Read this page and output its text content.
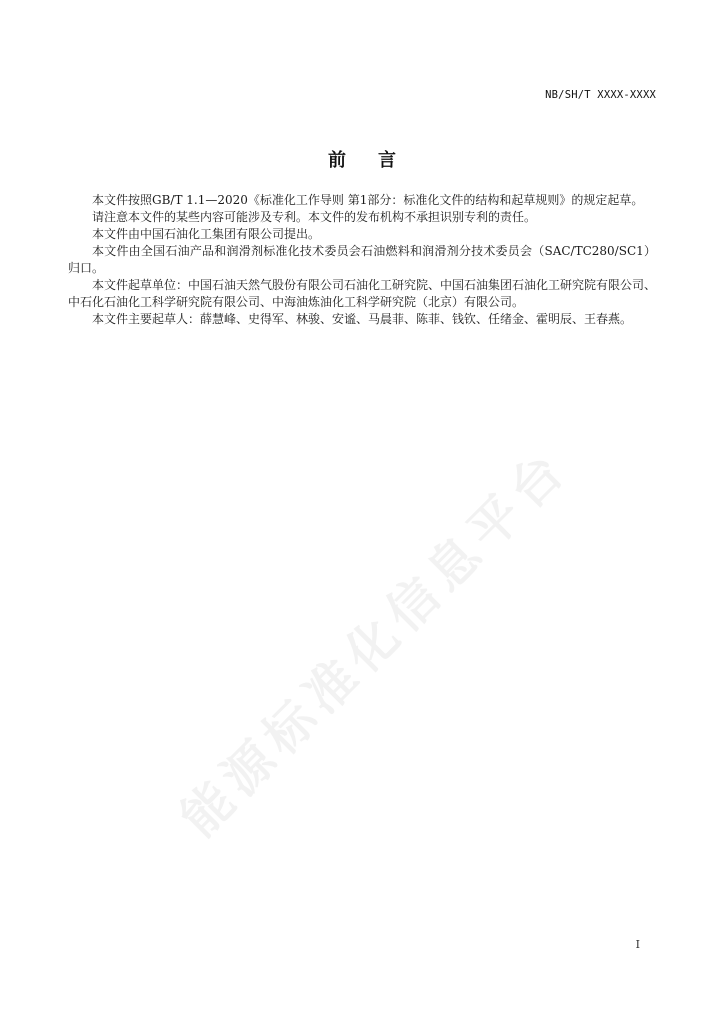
NB/SH/T XXXX-XXXX
前言

本文件按照GB/T 1.1—2020《标准化工作导则 第1部分：标准化文件的结构和起草规则》的规定起草。

请注意本文件的某些内容可能涉及专利。本文件的发布机构不承担识别专利的责任。

本文件由中国石油化工集团有限公司提出。

本文件由全国石油产品和润滑剂标准化技术委员会石油燃料和润滑剂分技术委员会（SAC/TC280/SC1）归口。

本文件起草单位：中国石油天然气股份有限公司石油化工研究院、中国石油集团石油化工研究院有限公司、中石化石油化工科学研究院有限公司、中海油炼油化工科学研究院（北京）有限公司。

本文件主要起草人：薛慧峰、史得军、林骏、安谧、马晨菲、陈菲、钱钦、任绪金、霍明辰、王春燕。

能源标准化信息平台
I
